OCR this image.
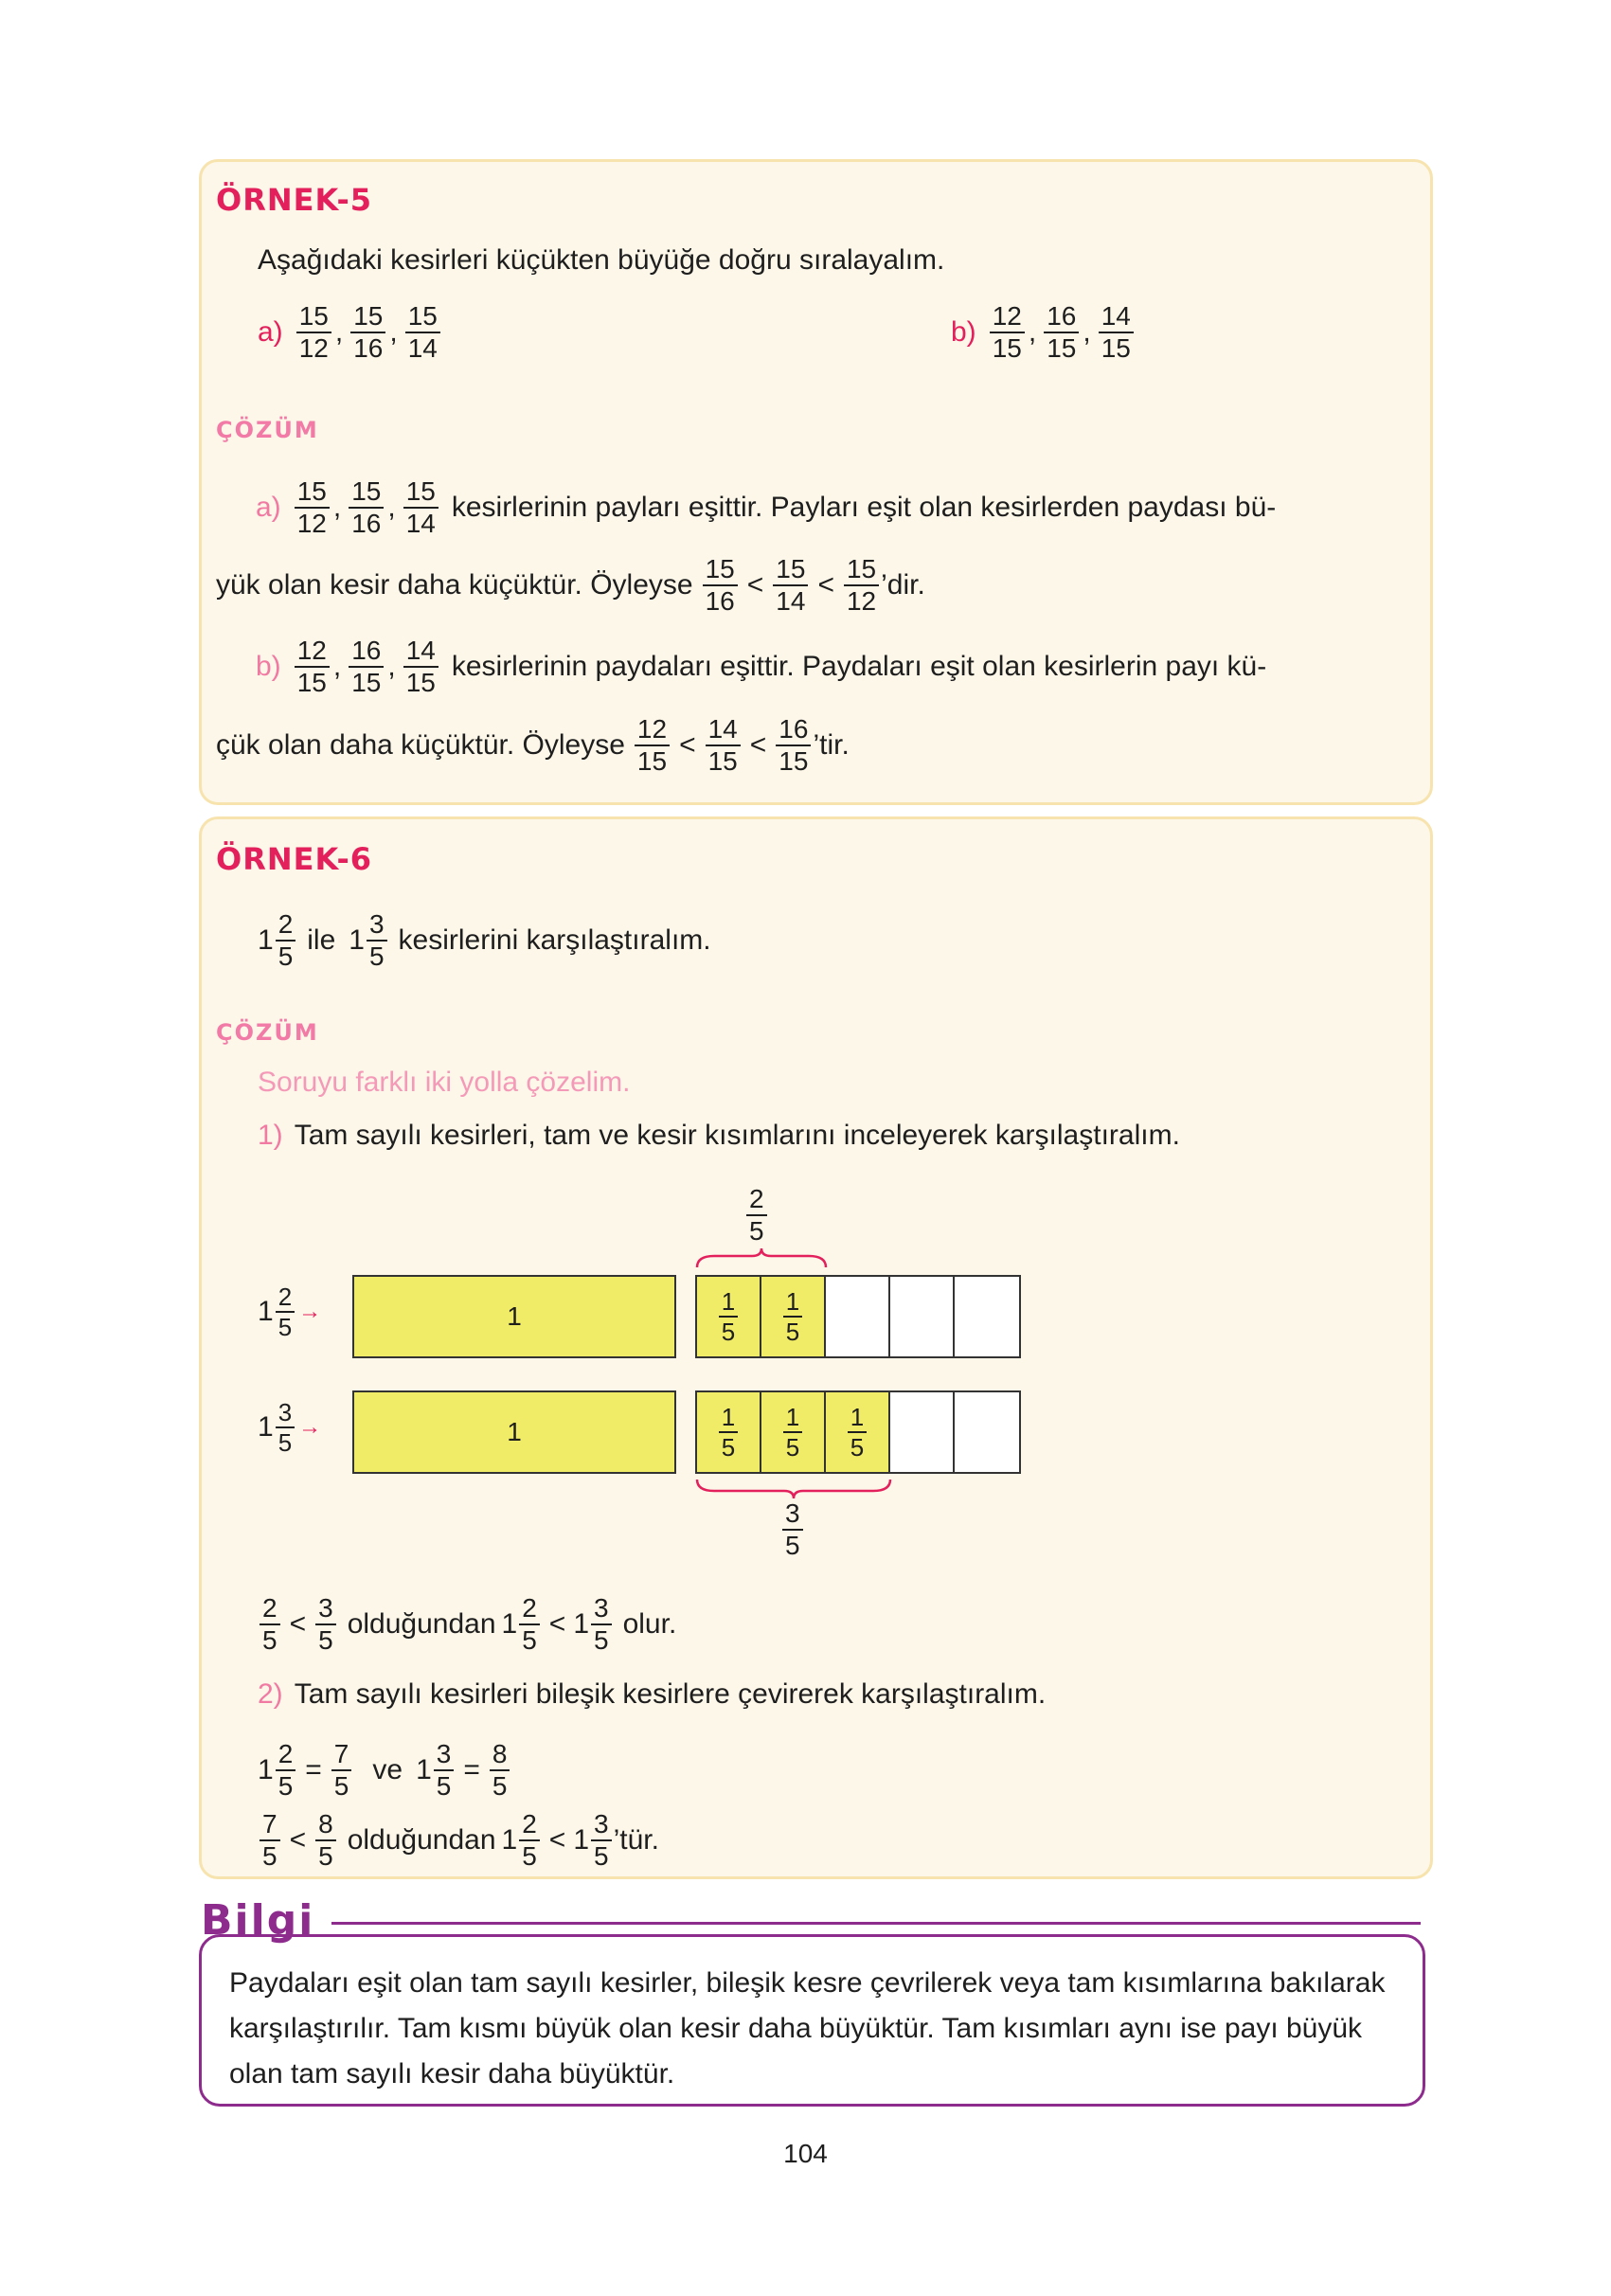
ÖRNEK-5
Aşağıdaki kesirleri küçükten büyüğe doğru sıralayalım.
$a) \frac{15}{12}$ , $\frac{15}{16}$ , $\frac{15}{14}$	$b) \frac{12}{15}$ , $\frac{16}{15}$ , $\frac{14}{15}$
ÇÖZÜM
$a) \frac{15}{12}$ , $\frac{15}{16}$ , $\frac{15}{14}$ kesirlerinin payları eşittir. Payları eşit olan kesirlerden paydası bü-
yük olan kesir daha küçüktür. Öyleyse $\frac{15}{16} < \frac{15}{14} < \frac{15}{12}$ ’dir.
$b) \frac{12}{15}$ , $\frac{16}{15}$ , $\frac{14}{15}$ kesirlerinin paydaları eşittir. Paydaları eşit olan kesirlerin payı kü-
çük olan daha küçüktür. Öyleyse $\frac{12}{15} < \frac{14}{15} < \frac{16}{15}$ ’tir.
ÖRNEK-6
$1 \frac{2}{5}$ ile $1 \frac{3}{5}$ kesirlerini karşılaştıralım.
ÇÖZÜM
Soruyu farklı iki yolla çözelim.
1) Tam sayılı kesirleri, tam ve kesir kısımlarını inceleyerek karşılaştıralım.
$\frac{2}{5}$
$1 \frac{2}{5}$ →	1	$\frac{1}{5} \frac{1}{5}$
$1 \frac{3}{5}$ →	1	$\frac{1}{5} \frac{1}{5} \frac{1}{5}$
$\frac{3}{5}$
$\frac{2}{5} < \frac{3}{5}$ olduğundan $1 \frac{2}{5} < 1 \frac{3}{5}$ olur.
2) Tam sayılı kesirleri bileşik kesirlere çevirerek karşılaştıralım.
$1 \frac{2}{5} = \frac{7}{5}$ ve $1 \frac{3}{5} = \frac{8}{5}$
$\frac{7}{5} < \frac{8}{5}$ olduğundan $1 \frac{2}{5} < 1 \frac{3}{5}$ ’tür.
Bilgi
Paydaları eşit olan tam sayılı kesirler, bileşik kesre çevrilerek veya tam kısımlarına bakılarak karşılaştırılır. Tam kısmı büyük olan kesir daha büyüktür. Tam kısımları aynı ise payı büyük olan tam sayılı kesir daha büyüktür.
104
